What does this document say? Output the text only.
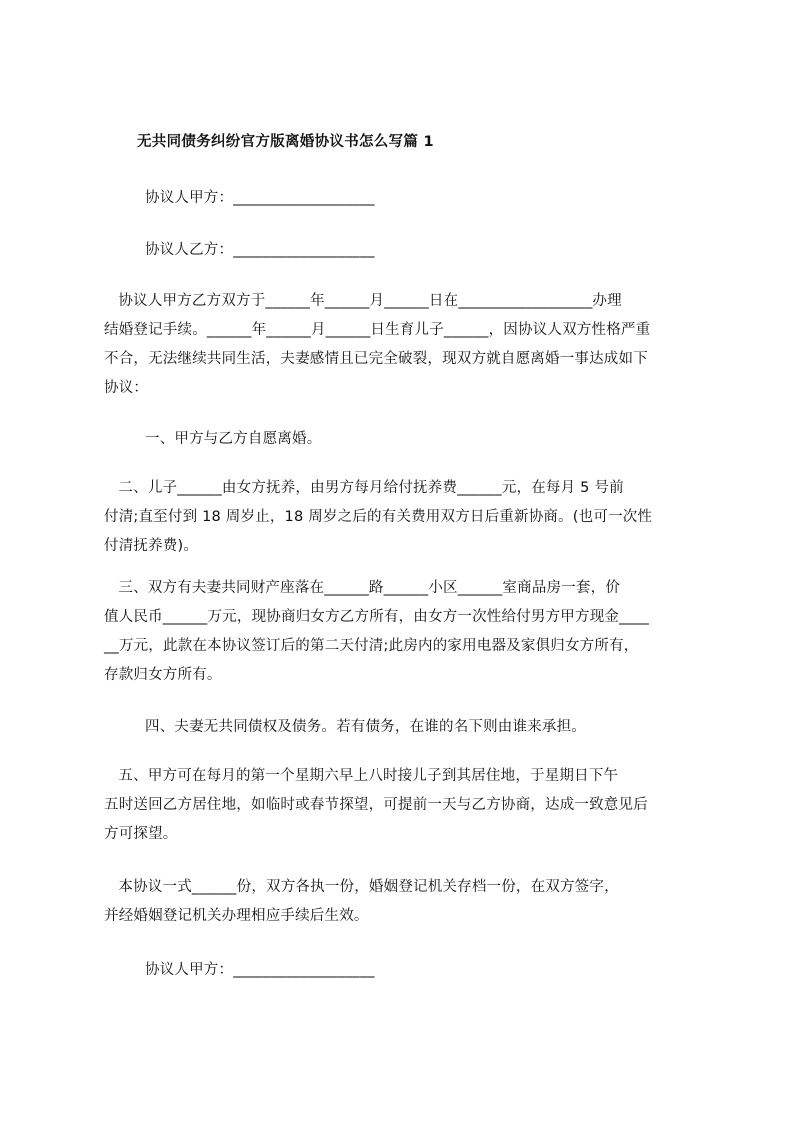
无共同债务纠纷官方版离婚协议书怎么写篇 1
协议人甲方：___________________
协议人乙方：___________________
协议人甲方乙方双方于______年______月______日在__________________办理
结婚登记手续。______年______月______日生育儿子______，因协议人双方性格严重
不合，无法继续共同生活，夫妻感情且已完全破裂，现双方就自愿离婚一事达成如下
协议：
一、甲方与乙方自愿离婚。
二、儿子______由女方抚养，由男方每月给付抚养费______元，在每月 5 号前
付清;直至付到 18 周岁止，18 周岁之后的有关费用双方日后重新协商。(也可一次性
付清抚养费)。
三、双方有夫妻共同财产座落在______路______小区______室商品房一套，价
值人民币______万元，现协商归女方乙方所有，由女方一次性给付男方甲方现金____
__万元，此款在本协议签订后的第二天付清;此房内的家用电器及家俱归女方所有，
存款归女方所有。
四、夫妻无共同债权及债务。若有债务，在谁的名下则由谁来承担。
五、甲方可在每月的第一个星期六早上八时接儿子到其居住地，于星期日下午
五时送回乙方居住地，如临时或春节探望，可提前一天与乙方协商，达成一致意见后
方可探望。
本协议一式______份，双方各执一份，婚姻登记机关存档一份，在双方签字，
并经婚姻登记机关办理相应手续后生效。
协议人甲方：___________________
